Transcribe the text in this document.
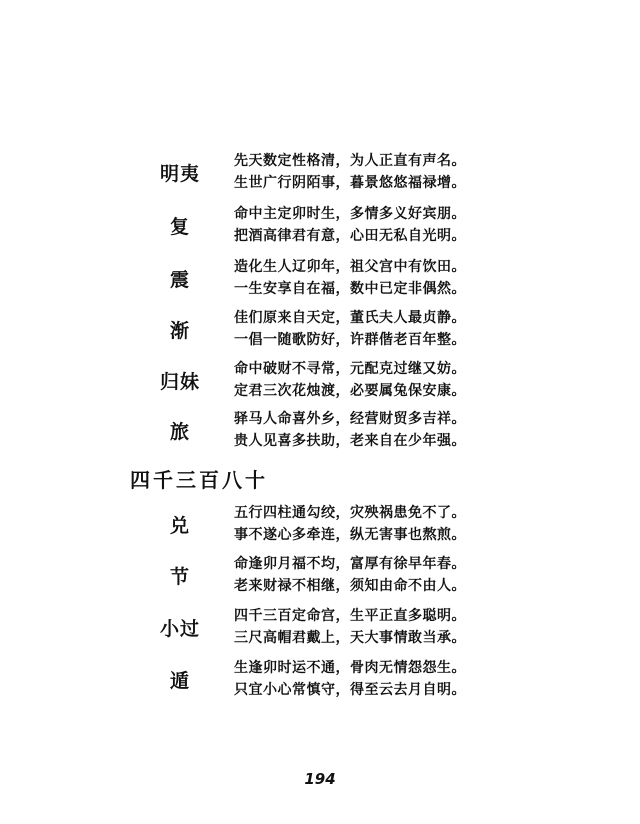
明夷
先天数定性格清，为人正直有声名。
生世广行阴陌事，暮景悠悠福禄增。
复
命中主定卯时生，多情多义好宾朋。
把酒高律君有意，心田无私自光明。
震
造化生人辽卯年，祖父宫中有饮田。
一生安享自在福，数中已定非偶然。
渐
佳们原来自天定，董氏夫人最贞静。
一倡一随歌防好，许群偕老百年整。
归妹
命中破财不寻常，元配克过继又妨。
定君三次花烛渡，必要属兔保安康。
旅
驿马人命喜外乡，经营财贸多吉祥。
贵人见喜多扶助，老来自在少年强。
四千三百八十
兑
五行四柱通勾绞，灾殃祸患免不了。
事不遂心多牵连，纵无害事也熬煎。
节
命逢卯月福不均，富厚有徐早年春。
老来财禄不相继，须知由命不由人。
小过
四千三百定命宫，生平正直多聪明。
三尺高帽君戴上，天大事情敢当承。
遁
生逢卯时运不通，骨肉无情怨怨生。
只宜小心常慎守，得至云去月自明。
194
